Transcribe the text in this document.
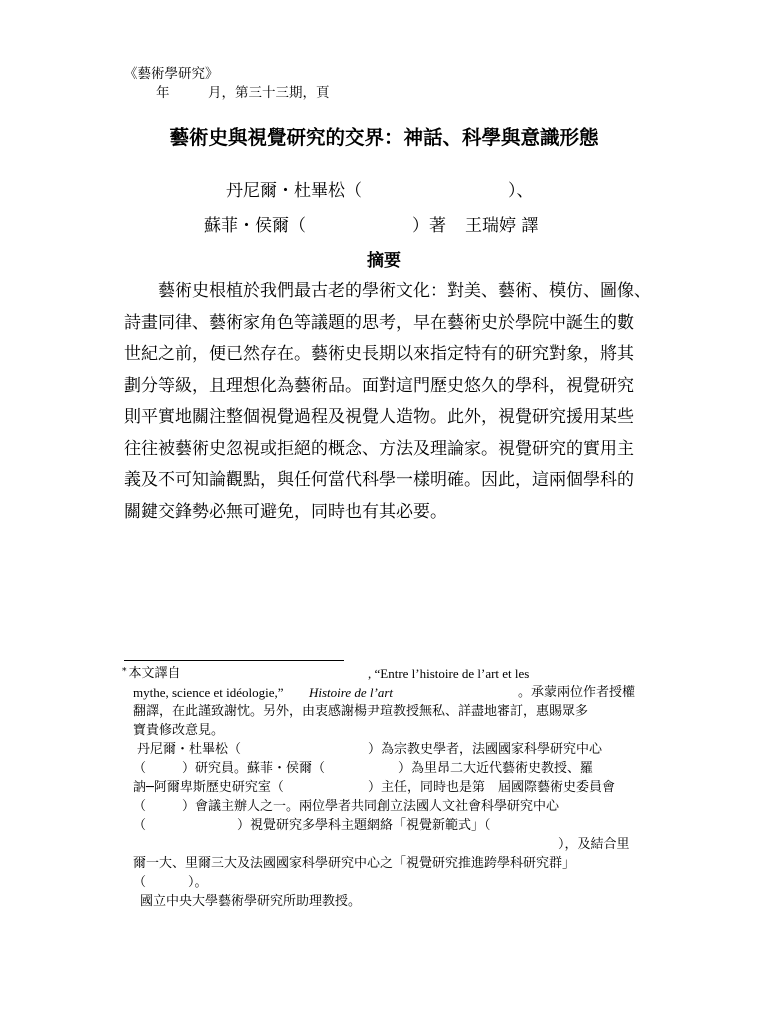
《藝術學研究》
年	月，第三十三期，頁
藝術史與視覺研究的交界：神話、科學與意識形態
丹尼爾・杜畢松（	）、
蘇菲・侯爾（	）著 王瑞婷 譯
摘要
　　藝術史根植於我們最古老的學術文化：對美、藝術、模仿、圖像、
詩畫同律、藝術家角色等議題的思考，早在藝術史於學院中誕生的數
世紀之前，便已然存在。藝術史長期以來指定特有的研究對象，將其
劃分等級，且理想化為藝術品。面對這門歷史悠久的學科，視覺研究
則平實地關注整個視覺過程及視覺人造物。此外，視覺研究援用某些
往往被藝術史忽視或拒絕的概念、方法及理論家。視覺研究的實用主
義及不可知論觀點，與任何當代科學一樣明確。因此，這兩個學科的
關鍵交鋒勢必無可避免，同時也有其必要。
* 本文譯自	, “Entre l’histoire de l’art et les
mythe, science et idéologie,” Histoire de l’art	。承蒙兩位作者授權
翻譯，在此謹致謝忱。另外，由衷感謝楊尹瑄教授無私、詳盡地審訂，惠賜眾多
寶貴修改意見。
丹尼爾・杜畢松（	）為宗教史學者，法國國家科學研究中心
（	）研究員。蘇菲・侯爾（	）為里昂二大近代藝術史教授、羅
訥─阿爾卑斯歷史研究室（	）主任，同時也是第　屆國際藝術史委員會
（	）會議主辦人之一。兩位學者共同創立法國人文社會科學研究中心
（	）視覺研究多學科主題網絡「視覺新範式」（
），及結合里
爾一大、里爾三大及法國國家科學研究中心之「視覺研究推進跨學科研究群」
（	）。
國立中央大學藝術學研究所助理教授。
